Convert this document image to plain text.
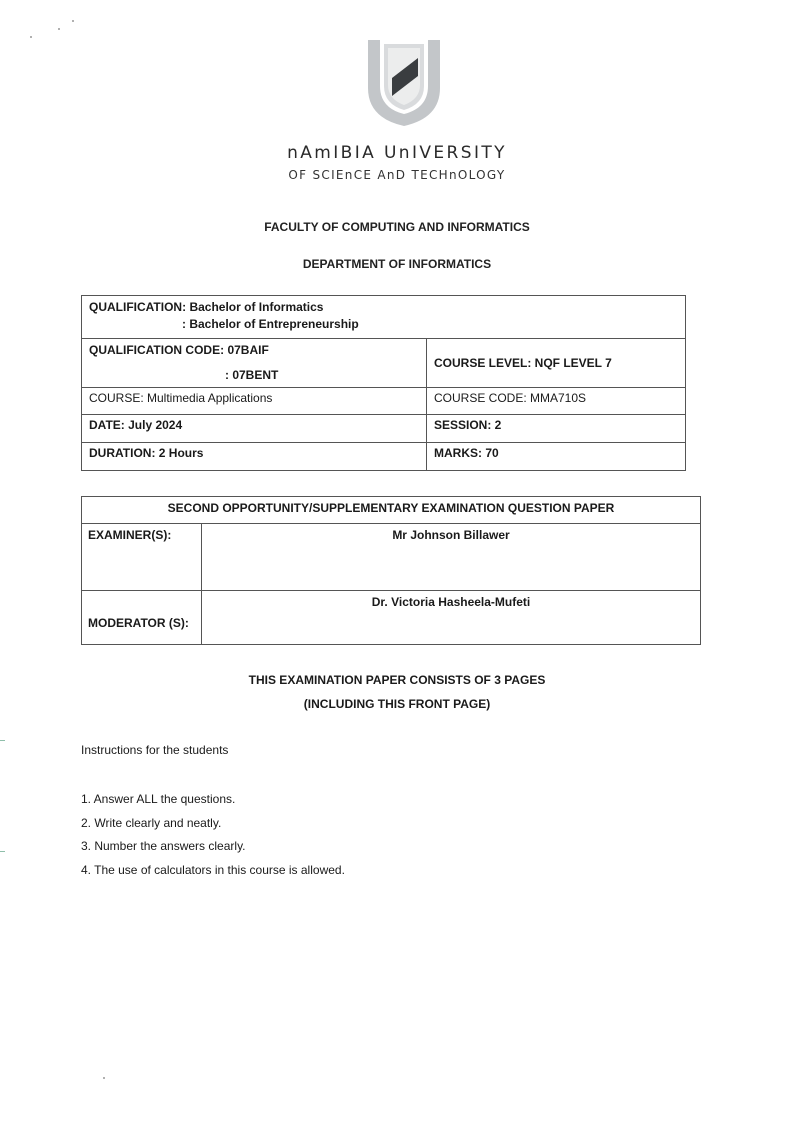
nAmIBIA UnIVERSITY
OF SCIEnCE AnD TECHnOLOGY
FACULTY OF COMPUTING AND INFORMATICS
DEPARTMENT OF INFORMATICS
QUALIFICATION: Bachelor of Informatics
: Bachelor of Entrepreneurship	

QUALIFICATION CODE: 07BAIF
: 07BENT	COURSE LEVEL: NQF LEVEL 7
COURSE: Multimedia Applications	COURSE CODE: MMA710S
DATE: July 2024	SESSION: 2
DURATION: 2 Hours	MARKS: 70
SECOND OPPORTUNITY/SUPPLEMENTARY EXAMINATION QUESTION PAPER	
EXAMINER(S):	Mr Johnson Billawer
MODERATOR (S):	Dr. Victoria Hasheela-Mufeti
THIS EXAMINATION PAPER CONSISTS OF 3 PAGES
(INCLUDING THIS FRONT PAGE)
Instructions for the students
1. Answer ALL the questions.
2. Write clearly and neatly.
3. Number the answers clearly.
4. The use of calculators in this course is allowed.
